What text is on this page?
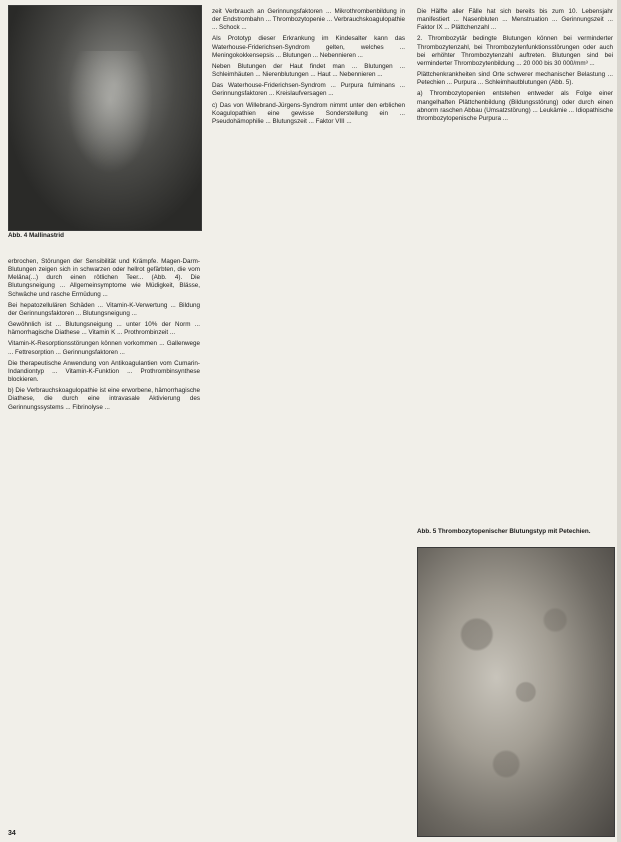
Abb. 4 Mallinastrid

erbrochen, Störungen der Sensibilität und Krämpfe. Magen-Darm-Blutungen zeigen sich in schwarzen oder hellrot gefärbten, die vom Meläna(...) durch einen rötlichen Teer... (Abb. 4). Die Blutungsneigung ... Allgemeinsymptome wie Müdigkeit, Blässe, Schwäche und rasche Ermüdung ...

Bei hepatozellulären Schäden ... Vitamin-K-Verwertung ... Bildung der Gerinnungsfaktoren ... Blutungsneigung ...

Gewöhnlich ist ... Blutungsneigung ... unter 10% der Norm ... hämorrhagische Diathese ... Vitamin K ... Prothrombinzeit ...

Vitamin-K-Resorptionsstörungen können vorkommen ... Gallenwege ... Fettresorption ... Gerinnungsfaktoren ...

Die therapeutische Anwendung von Antikoagulantien vom Cumarin-Indandiontyp ... Vitamin-K-Funktion ... Prothrombinsynthese blockieren.

b) Die Verbrauchskoagulopathie ist eine erworbene, hämorrhagische Diathese, die durch eine intravasale Aktivierung des Gerinnungssystems ... Fibrinolyse ...

zeit Verbrauch an Gerinnungsfaktoren ... Mikrothrombenbildung in der Endstrombahn ... Thrombozytopenie ... Verbrauchskoagulopathie ... Schock ...

Als Prototyp dieser Erkrankung im Kindesalter kann das Waterhouse-Friderichsen-Syndrom gelten, welches ... Meningokokkensepsis ... Blutungen ... Nebennieren ...

Neben Blutungen der Haut findet man ... Blutungen ... Schleimhäuten ... Nierenblutungen ... Haut ... Nebennieren ...

Das Waterhouse-Friderichsen-Syndrom ... Purpura fulminans ... Gerinnungsfaktoren ... Kreislaufversagen ...

c) Das von Willebrand-Jürgens-Syndrom nimmt unter den erblichen Koagulopathien eine gewisse Sonderstellung ein ... Pseudohämophilie ... Blutungszeit ... Faktor VIII ...

Die Hälfte aller Fälle hat sich bereits bis zum 10. Lebensjahr manifestiert ... Nasenbluten ... Menstruation ... Gerinnungszeit ... Faktor IX ... Plättchenzahl ...

2. Thrombozytär bedingte Blutungen können bei verminderter Thrombozytenzahl, bei Thrombozytenfunktionsstörungen oder auch bei erhöhter Thrombozytenzahl auftreten. Blutungen sind bei verminderter Thrombozytenbildung ... 20 000 bis 30 000/mm³ ...

Plättchenkrankheiten sind Orte schwerer mechanischer Belastung ... Petechien ... Purpura ... Schleimhautblutungen (Abb. 5).

a) Thrombozytopenien entstehen entweder als Folge einer mangelhaften Plättchenbildung (Bildungsstörung) oder durch einen abnorm raschen Abbau (Umsatzstörung) ... Leukämie ... Idiopathische thrombozytopenische Purpura ...

Abb. 5 Thrombozytopenischer Blutungstyp mit Petechien.
34
